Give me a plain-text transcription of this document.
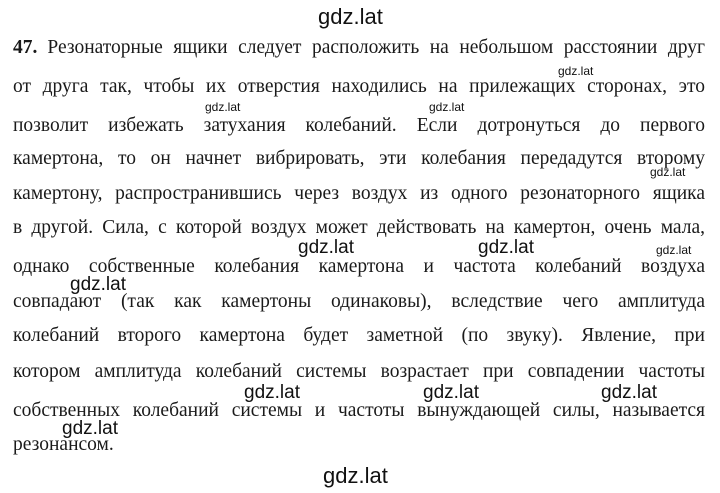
gdz.lat
gdz.lat
gdz.lat	gdz.lat
gdz.lat
gdz.lat	gdz.lat	gdz.lat
gdz.lat
gdz.lat	gdz.lat	gdz.lat
gdz.lat
gdz.lat
47. Резонаторные ящики следует расположить на небольшом расстоянии друг
от друга так, чтобы их отверстия находились на прилежащих сторонах, это
позволит избежать затухания колебаний. Если дотронуться до первого
камертона, то он начнет вибрировать, эти колебания передадутся второму
камертону, распространившись через воздух из одного резонаторного ящика
в другой. Сила, с которой воздух может действовать на камертон, очень мала,
однако собственные колебания камертона и частота колебаний воздуха
совпадают (так как камертоны одинаковы), вследствие чего амплитуда
колебаний второго камертона будет заметной (по звуку). Явление, при
котором амплитуда колебаний системы возрастает при совпадении частоты
собственных колебаний системы и частоты вынуждающей силы, называется
резонансом.
